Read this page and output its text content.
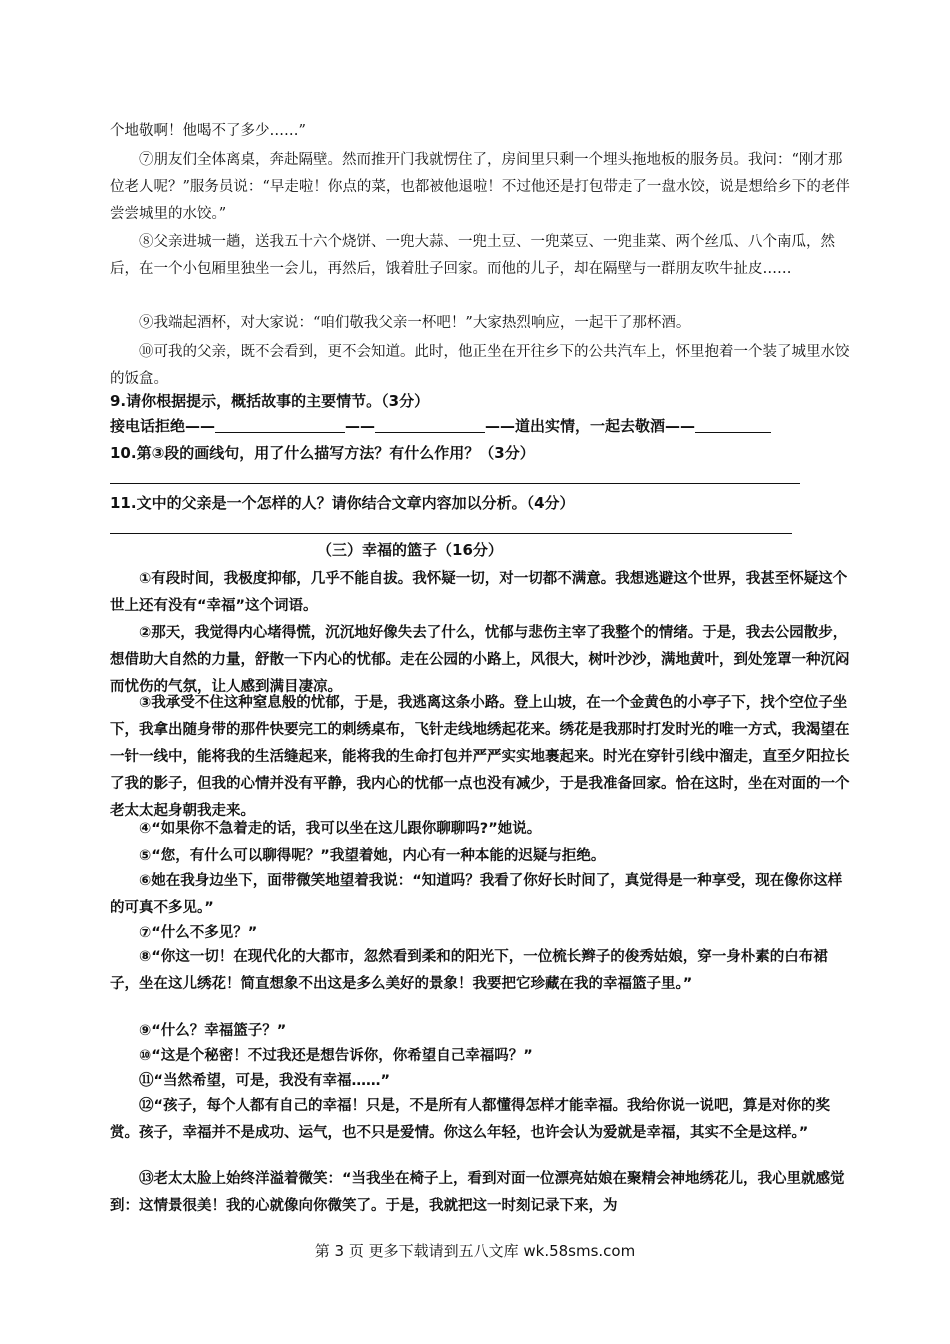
个地敬啊！他喝不了多少……”

⑦朋友们全体离桌，奔赴隔壁。然而推开门我就愣住了，房间里只剩一个埋头拖地板的服务员。我问：“刚才那位老人呢？”服务员说：“早走啦！你点的菜，也都被他退啦！不过他还是打包带走了一盘水饺，说是想给乡下的老伴尝尝城里的水饺。”

⑧父亲进城一趟，送我五十六个烧饼、一兜大蒜、一兜土豆、一兜菜豆、一兜韭菜、两个丝瓜、八个南瓜，然后，在一个小包厢里独坐一会儿，再然后，饿着肚子回家。而他的儿子，却在隔壁与一群朋友吹牛扯皮……

⑨我端起酒杯，对大家说：“咱们敬我父亲一杯吧！”大家热烈响应，一起干了那杯酒。

⑩可我的父亲，既不会看到，更不会知道。此时，他正坐在开往乡下的公共汽车上，怀里抱着一个装了城里水饺的饭盒。

9.请你根据提示，概括故事的主要情节。（3分）

接电话拒绝——	——	——道出实情，一起去敬酒——

10.第③段的画线句，用了什么描写方法？有什么作用？（3分）

11.文中的父亲是一个怎样的人？请你结合文章内容加以分析。（4分）

（三）幸福的篮子（16分）

①有段时间，我极度抑郁，几乎不能自拔。我怀疑一切，对一切都不满意。我想逃避这个世界，我甚至怀疑这个世上还有没有“幸福”这个词语。

②那天，我觉得内心堵得慌，沉沉地好像失去了什么，忧郁与悲伤主宰了我整个的情绪。于是，我去公园散步，想借助大自然的力量，舒散一下内心的忧郁。走在公园的小路上，风很大，树叶沙沙，满地黄叶，到处笼罩一种沉闷而忧伤的气氛，让人感到满目凄凉。

③我承受不住这种窒息般的忧郁，于是，我逃离这条小路。登上山坡，在一个金黄色的小亭子下，找个空位子坐下，我拿出随身带的那件快要完工的刺绣桌布，飞针走线地绣起花来。绣花是我那时打发时光的唯一方式，我渴望在一针一线中，能将我的生活缝起来，能将我的生命打包并严严实实地裹起来。时光在穿针引线中溜走，直至夕阳拉长了我的影子，但我的心情并没有平静，我内心的忧郁一点也没有减少，于是我准备回家。恰在这时，坐在对面的一个老太太起身朝我走来。

④“如果你不急着走的话，我可以坐在这儿跟你聊聊吗?”她说。

⑤“您，有什么可以聊得呢？”我望着她，内心有一种本能的迟疑与拒绝。

⑥她在我身边坐下，面带微笑地望着我说：“知道吗？我看了你好长时间了，真觉得是一种享受，现在像你这样的可真不多见。”

⑦“什么不多见？”

⑧“你这一切！在现代化的大都市，忽然看到柔和的阳光下，一位梳长辫子的俊秀姑娘，穿一身朴素的白布裙子，坐在这儿绣花！简直想象不出这是多么美好的景象！我要把它珍藏在我的幸福篮子里。”

⑨“什么？幸福篮子？”

⑩“这是个秘密！不过我还是想告诉你，你希望自己幸福吗？”

⑪“当然希望，可是，我没有幸福……”

⑫“孩子，每个人都有自己的幸福！只是，不是所有人都懂得怎样才能幸福。我给你说一说吧，算是对你的奖赏。孩子，幸福并不是成功、运气，也不只是爱情。你这么年轻，也许会认为爱就是幸福，其实不全是这样。”

⑬老太太脸上始终洋溢着微笑：“当我坐在椅子上，看到对面一位漂亮姑娘在聚精会神地绣花儿，我心里就感觉到：这情景很美！我的心就像向你微笑了。于是，我就把这一时刻记录下来，为

第 3 页 更多下载请到五八文库 wk.58sms.com
